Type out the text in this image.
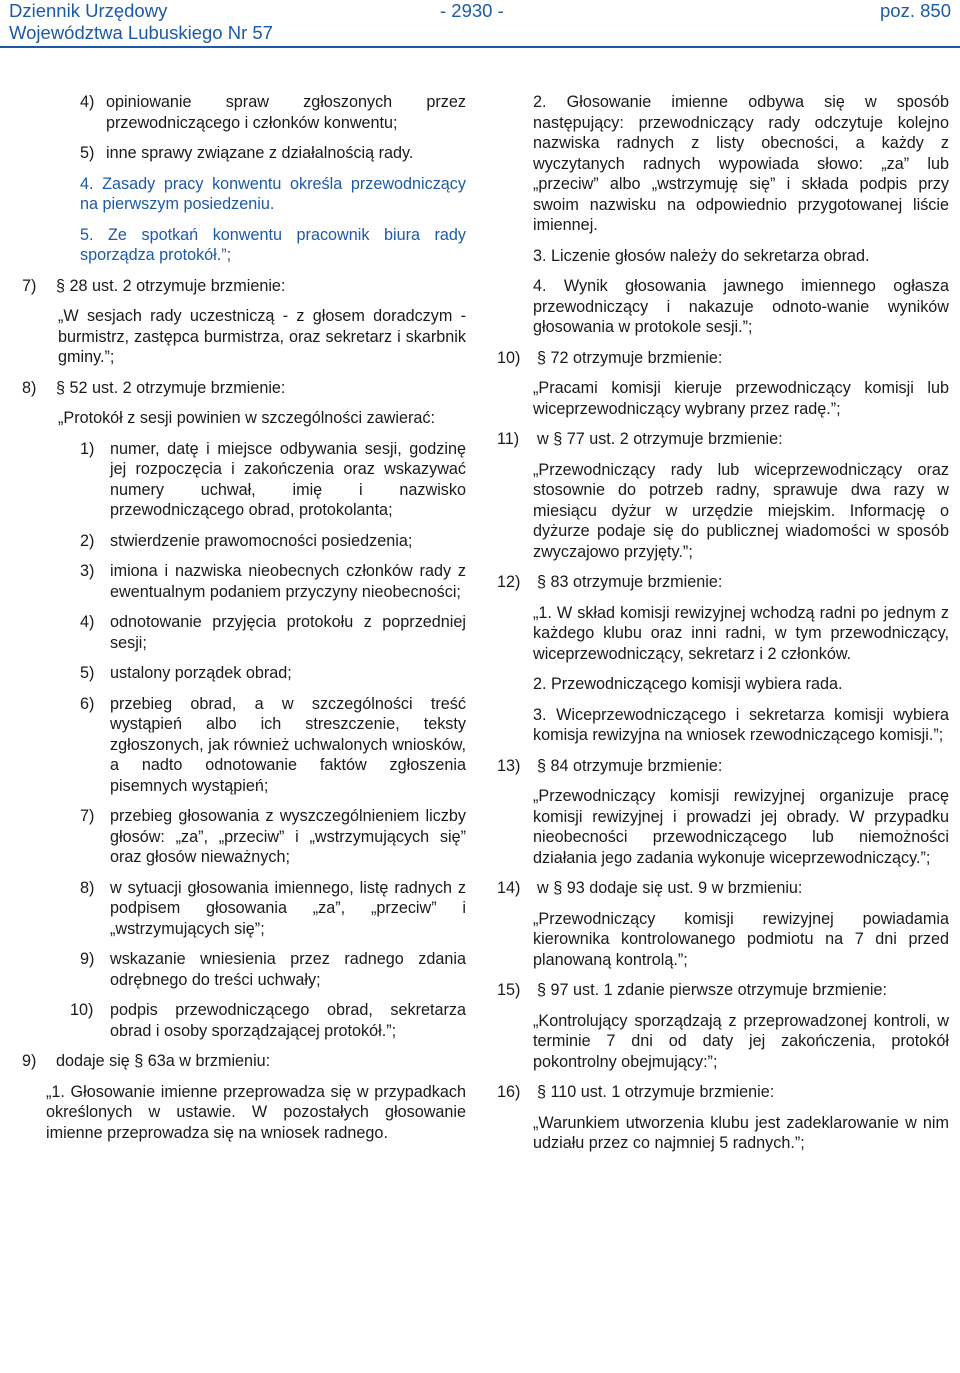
Dziennik Urzędowy
Województwa Lubuskiego Nr 57
- 2930 -	poz. 850
4) opiniowanie spraw zgłoszonych przez przewodniczącego i członków konwentu;
5) inne sprawy związane z działalnością rady.

4. Zasady pracy konwentu określa przewodniczący na pierwszym posiedzeniu.

5. Ze spotkań konwentu pracownik biura rady sporządza protokół.”;

7)	§ 28 ust. 2 otrzymuje brzmienie:

„W sesjach rady uczestniczą - z głosem doradczym - burmistrz, zastępca burmistrza, oraz sekretarz i skarbnik gminy.”;

8)	§ 52 ust. 2 otrzymuje brzmienie:

„Protokół z sesji powinien w szczególności zawierać:

1) numer, datę i miejsce odbywania sesji, godzinę jej rozpoczęcia i zakończenia oraz wskazywać numery uchwał, imię i nazwisko przewodniczącego obrad, protokolanta;
2) stwierdzenie prawomocności posiedzenia;
3) imiona i nazwiska nieobecnych członków rady z ewentualnym podaniem przyczyny nieobecności;
4) odnotowanie przyjęcia protokołu z poprzedniej sesji;
5) ustalony porządek obrad;
6) przebieg obrad, a w szczególności treść wystąpień albo ich streszczenie, teksty zgłoszonych, jak również uchwalonych wniosków, a nadto odnotowanie faktów zgłoszenia pisemnych wystąpień;
7) przebieg głosowania z wyszczególnieniem liczby głosów: „za”, „przeciw” i „wstrzymujących się” oraz głosów nieważnych;
8) w sytuacji głosowania imiennego, listę radnych z podpisem głosowania „za”, „przeciw” i „wstrzymujących się”;
9) wskazanie wniesienia przez radnego zdania odrębnego do treści uchwały;
10)	podpis przewodniczącego obrad, sekretarza obrad i osoby sporządzającej protokół.”;
9)	dodaje się § 63a w brzmieniu:

„1. Głosowanie imienne przeprowadza się w przypadkach określonych w ustawie. W pozostałych głosowanie imienne przeprowadza się na wniosek radnego.

2. Głosowanie imienne odbywa się w sposób następujący: przewodniczący rady odczytuje kolejno nazwiska radnych z listy obecności, a każdy z wyczytanych radnych wypowiada słowo: „za” lub „przeciw” albo „wstrzymuję się” i składa podpis przy swoim nazwisku na odpowiednio przygotowanej liście imiennej.

3. Liczenie głosów należy do sekretarza obrad.

4. Wynik głosowania jawnego imiennego ogłasza przewodniczący i nakazuje odnoto-wanie wyników głosowania w protokole sesji.”;

10)	§ 72 otrzymuje brzmienie:

„Pracami komisji kieruje przewodniczący komisji lub wiceprzewodniczący wybrany przez radę.”;

11)	w § 77 ust. 2 otrzymuje brzmienie:

„Przewodniczący rady lub wiceprzewodniczący oraz stosownie do potrzeb radny, sprawuje dwa razy w miesiącu dyżur w urzędzie miejskim. Informację o dyżurze podaje się do publicznej wiadomości w sposób zwyczajowo przyjęty.”;

12)	§ 83 otrzymuje brzmienie:

„1. W skład komisji rewizyjnej wchodzą radni po jednym z każdego klubu oraz inni radni, w tym przewodniczący, wiceprzewodniczący, sekretarz i 2 członków.

2. Przewodniczącego komisji wybiera rada.

3. Wiceprzewodniczącego i sekretarza komisji wybiera komisja rewizyjna na wniosek rzewodniczącego komisji.”;

13)	§ 84 otrzymuje brzmienie:

„Przewodniczący komisji rewizyjnej organizuje pracę komisji rewizyjnej i prowadzi jej obrady. W przypadku nieobecności przewodniczącego lub niemożności działania jego zadania wykonuje wiceprzewodniczący.”;

14)	w § 93 dodaje się ust. 9 w brzmieniu:

„Przewodniczący komisji rewizyjnej powiadamia kierownika kontrolowanego podmiotu na 7 dni przed planowaną kontrolą.”;

15)	§ 97 ust. 1 zdanie pierwsze otrzymuje brzmienie:

„Kontrolujący sporządzają z przeprowadzonej kontroli, w terminie 7 dni od daty jej zakończenia, protokół pokontrolny obejmujący:”;

16)	§ 110 ust. 1 otrzymuje brzmienie:

„Warunkiem utworzenia klubu jest zadeklarowanie w nim udziału przez co najmniej 5 radnych.”;
